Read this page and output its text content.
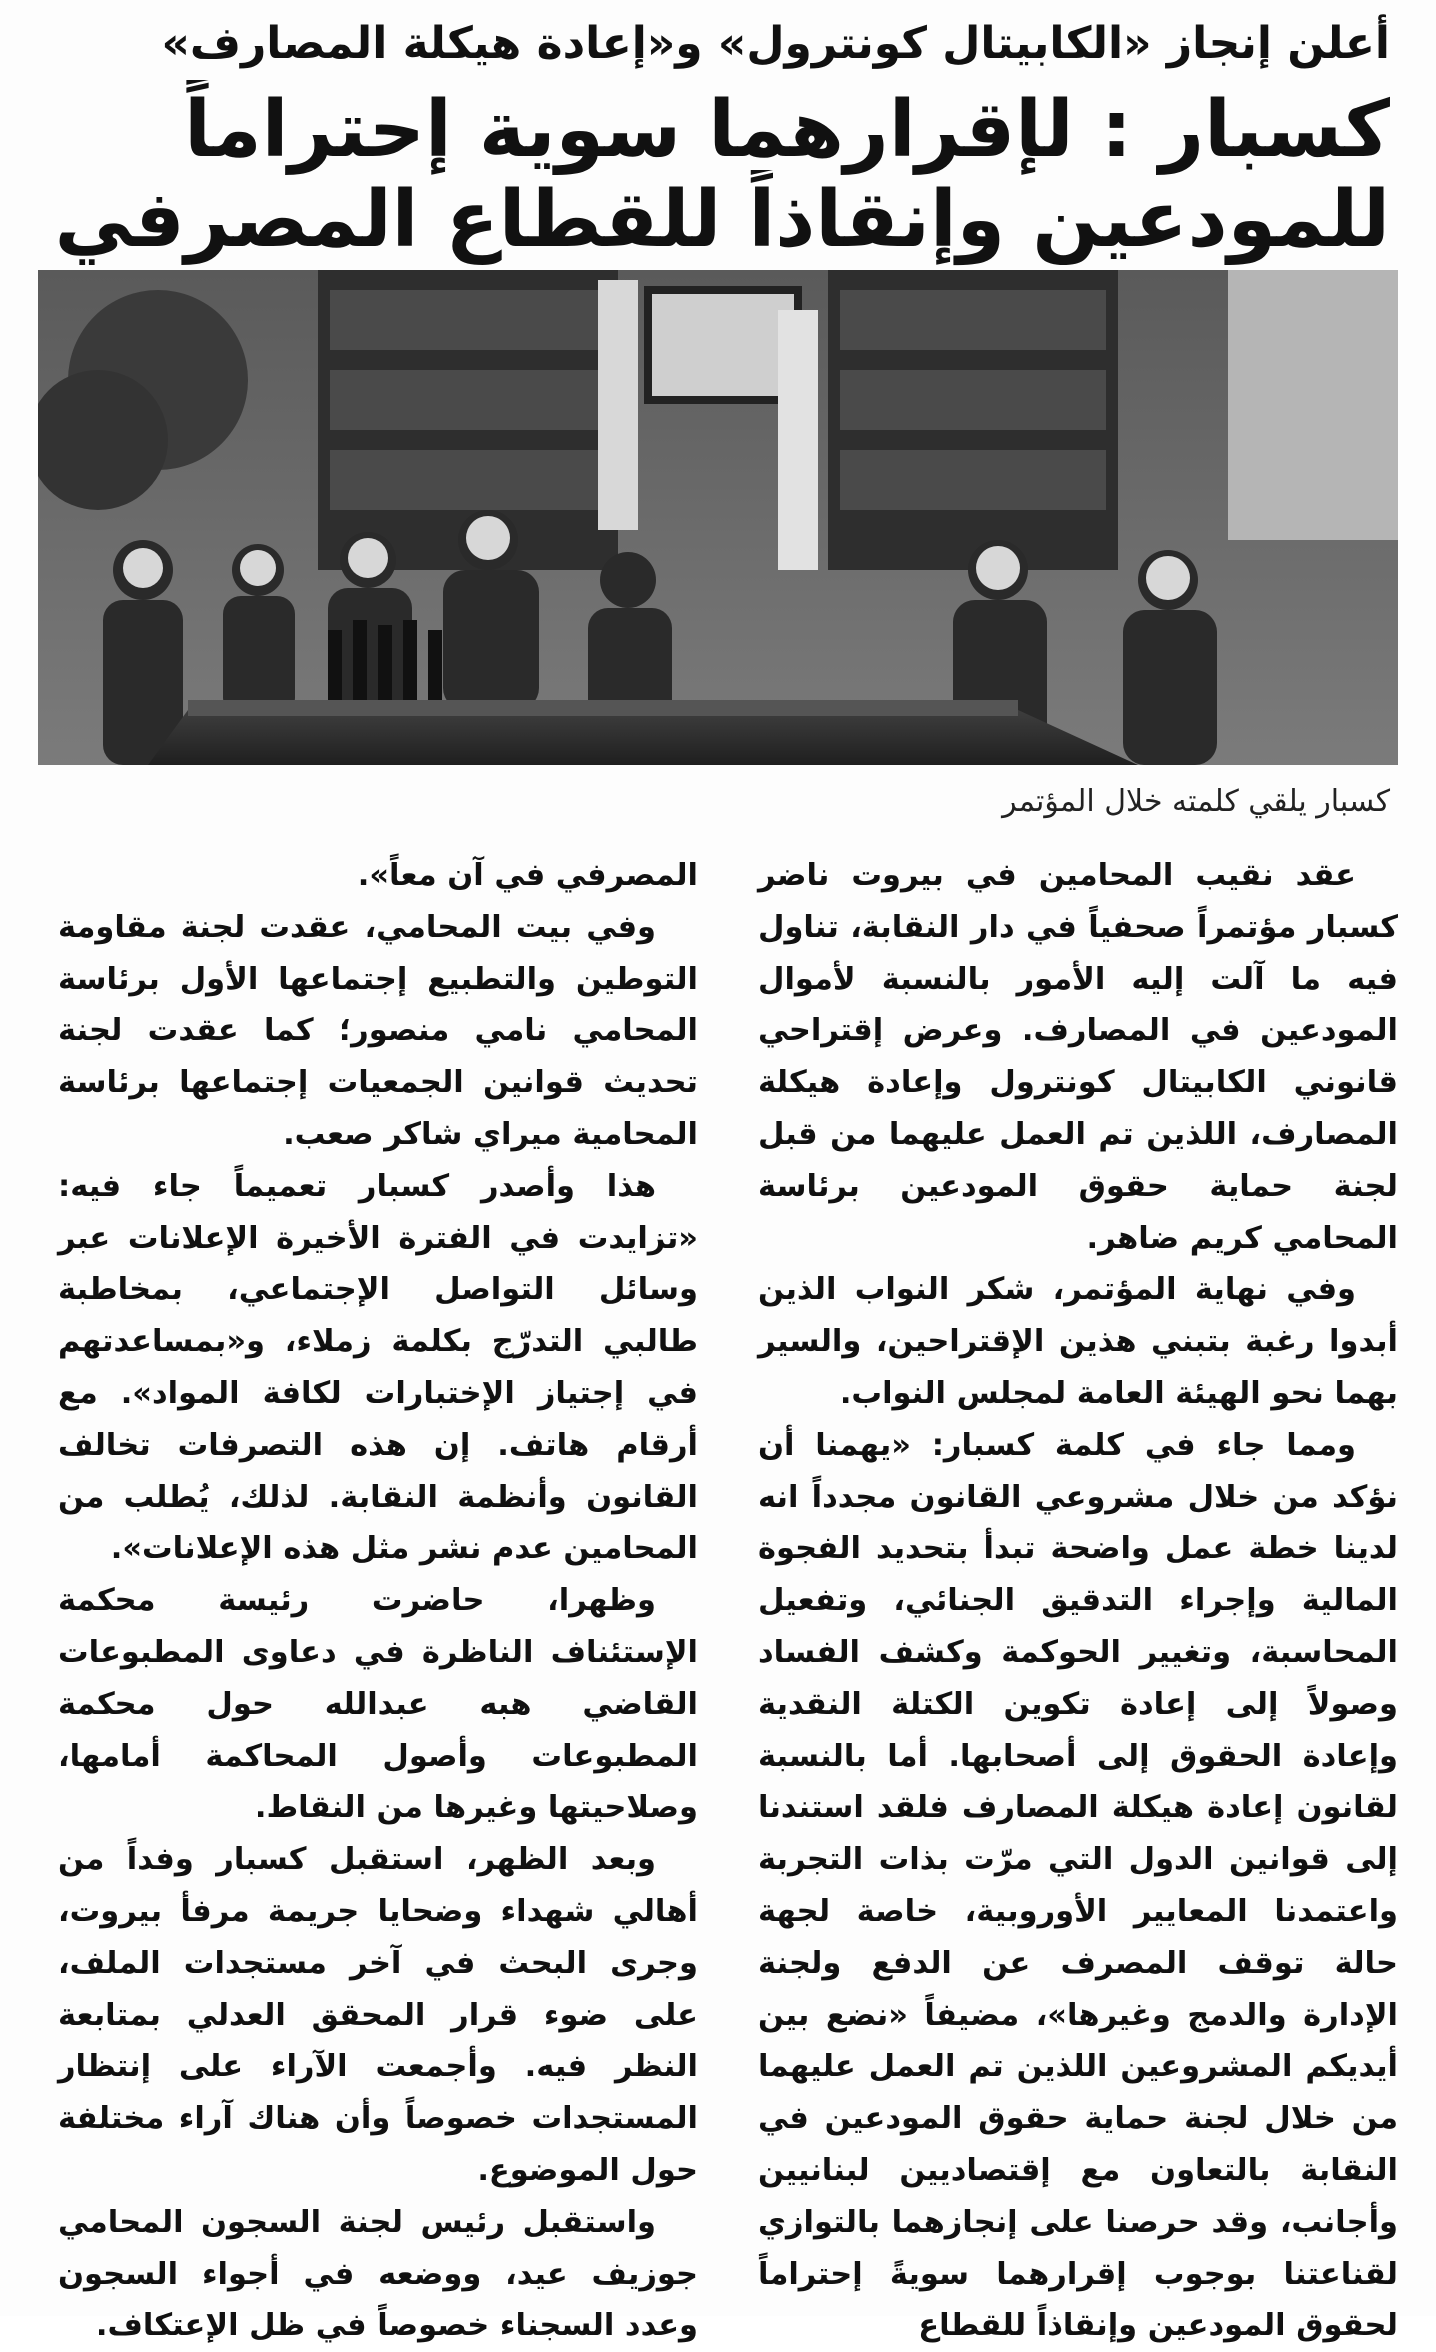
أعلن إنجاز «الكابيتال كونترول» و«إعادة هيكلة المصارف»
كسبار : لإقرارهما سوية إحتراماً
للمودعين وإنقاذاً للقطاع المصرفي
كسبار يلقي كلمته خلال المؤتمر

عقد نقيب المحامين في بيروت ناضر كسبار مؤتمراً صحفياً في دار النقابة، تناول فيه ما آلت إليه الأمور بالنسبة لأموال المودعين في المصارف. وعرض إقتراحي قانوني الكابيتال كونترول وإعادة هيكلة المصارف، اللذين تم العمل عليهما من قبل لجنة حماية حقوق المودعين برئاسة المحامي كريم ضاهر.

وفي نهاية المؤتمر، شكر النواب الذين أبدوا رغبة بتبني هذين الإقتراحين، والسير بهما نحو الهيئة العامة لمجلس النواب.

ومما جاء في كلمة كسبار: «يهمنا أن نؤكد من خلال مشروعي القانون مجدداً انه لدينا خطة عمل واضحة تبدأ بتحديد الفجوة المالية وإجراء التدقيق الجنائي، وتفعيل المحاسبة، وتغيير الحوكمة وكشف الفساد وصولاً إلى إعادة تكوين الكتلة النقدية وإعادة الحقوق إلى أصحابها. أما بالنسبة لقانون إعادة هيكلة المصارف فلقد استندنا إلى قوانين الدول التي مرّت بذات التجربة واعتمدنا المعايير الأوروبية، خاصة لجهة حالة توقف المصرف عن الدفع ولجنة الإدارة والدمج وغيرها»، مضيفاً «نضع بين أيديكم المشروعين اللذين تم العمل عليهما من خلال لجنة حماية حقوق المودعين في النقابة بالتعاون مع إقتصاديين لبنانيين وأجانب، وقد حرصنا على إنجازهما بالتوازي لقناعتنا بوجوب إقرارهما سويةً إحتراماً لحقوق المودعين وإنقاذاً للقطاع

المصرفي في آن معاً».

وفي بيت المحامي، عقدت لجنة مقاومة التوطين والتطبيع إجتماعها الأول برئاسة المحامي نامي منصور؛ كما عقدت لجنة تحديث قوانين الجمعيات إجتماعها برئاسة المحامية ميراي شاكر صعب.

هذا وأصدر كسبار تعميماً جاء فيه: «تزايدت في الفترة الأخيرة الإعلانات عبر وسائل التواصل الإجتماعي، بمخاطبة طالبي التدرّج بكلمة زملاء، و«بمساعدتهم في إجتياز الإختبارات لكافة المواد». مع أرقام هاتف. إن هذه التصرفات تخالف القانون وأنظمة النقابة. لذلك، يُطلب من المحامين عدم نشر مثل هذه الإعلانات».

وظهرا، حاضرت رئيسة محكمة الإستئناف الناظرة في دعاوى المطبوعات القاضي هبه عبدالله حول محكمة المطبوعات وأصول المحاكمة أمامها، وصلاحيتها وغيرها من النقاط.

وبعد الظهر، استقبل كسبار وفداً من أهالي شهداء وضحايا جريمة مرفأ بيروت، وجرى البحث في آخر مستجدات الملف، على ضوء قرار المحقق العدلي بمتابعة النظر فيه. وأجمعت الآراء على إنتظار المستجدات خصوصاً وأن هناك آراء مختلفة حول الموضوع.

واستقبل رئيس لجنة السجون المحامي جوزيف عيد، ووضعه في أجواء السجون وعدد السجناء خصوصاً في ظل الإعتكاف.
